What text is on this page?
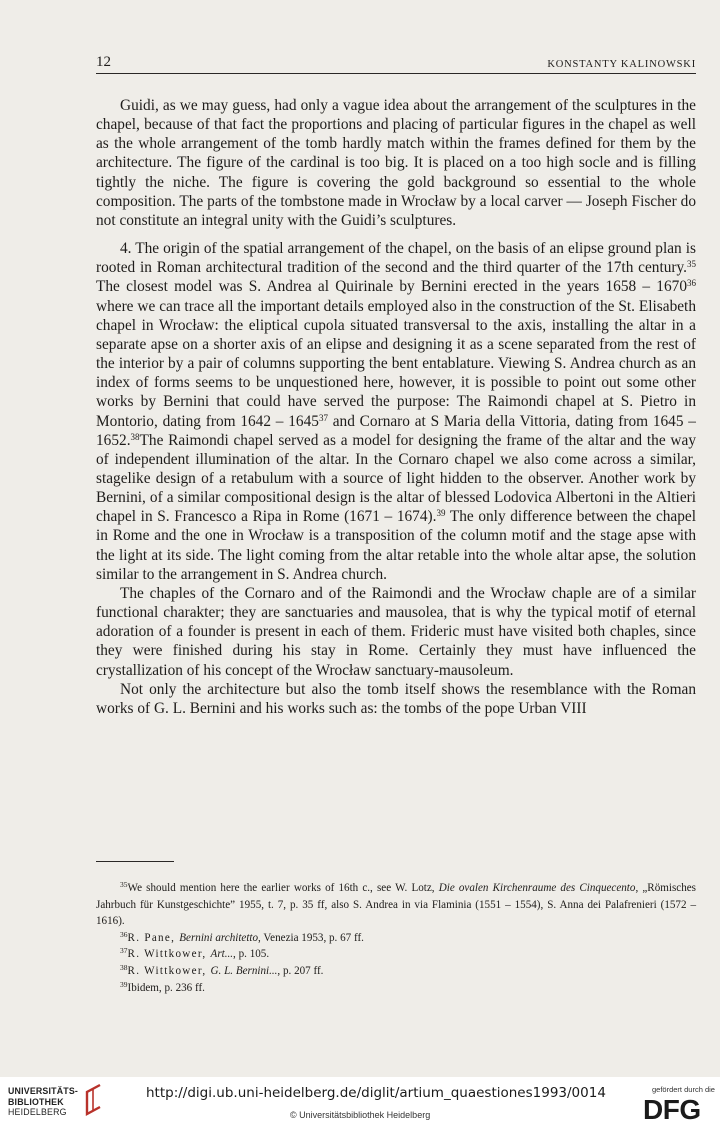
12	KONSTANTY KALINOWSKI

Guidi, as we may guess, had only a vague idea about the arrangement of the sculptures in the chapel, because of that fact the proportions and placing of particular figures in the chapel as well as the whole arrangement of the tomb hardly match within the frames defined for them by the architecture. The figure of the cardinal is too big. It is placed on a too high socle and is filling tightly the niche. The figure is covering the gold background so essential to the whole composition. The parts of the tombstone made in Wrocław by a local carver — Joseph Fischer do not constitute an integral unity with the Guidi’s sculptures.

4. The origin of the spatial arrangement of the chapel, on the basis of an elipse ground plan is rooted in Roman architectural tradition of the second and the third quarter of the 17th century.$^{35}$ The closest model was S. Andrea al Quirinale by Bernini erected in the years 1658 – 1670$^{36}$ where we can trace all the important details employed also in the construction of the St. Elisabeth chapel in Wrocław: the eliptical cupola situated transversal to the axis, installing the altar in a separate apse on a shorter axis of an elipse and designing it as a scene separated from the rest of the interior by a pair of columns supporting the bent entablature. Viewing S. Andrea church as an index of forms seems to be unquestioned here, however, it is possible to point out some other works by Bernini that could have served the purpose: The Raimondi chapel at S. Pietro in Montorio, dating from 1642 – 1645$^{37}$ and Cornaro at S Maria della Vittoria, dating from 1645 – 1652.38The Raimondi chapel served as a model for designing the frame of the altar and the way of independent illumination of the altar. In the Cornaro chapel we also come across a similar, stagelike design of a retabulum with a source of light hidden to the observer. Another work by Bernini, of a similar compositional design is the altar of blessed Lodovica Albertoni in the Altieri chapel in S. Francesco a Ripa in Rome (1671 – 1674).$^{39}$ The only difference between the chapel in Rome and the one in Wrocław is a transposition of the column motif and the stage apse with the light at its side. The light coming from the altar retable into the whole altar apse, the solution similar to the arrangement in S. Andrea church.

The chaples of the Cornaro and of the Raimondi and the Wrocław chaple are of a similar functional charakter; they are sanctuaries and mausolea, that is why the typical motif of eternal adoration of a founder is present in each of them. Frideric must have visited both chaples, since they were finished during his stay in Rome. Certainly they must have influenced the crystallization of his concept of the Wrocław sanctuary-mausoleum.

Not only the architecture but also the tomb itself shows the resemblance with the Roman works of G. L. Bernini and his works such as: the tombs of the pope Urban VIII

$^{35}$We should mention here the earlier works of 16th c., see W. Lotz, Die ovalen Kirchenraume des Cinquecento, „Römisches Jahrbuch für Kunstgeschichte” 1955, t. 7, p. 35 ff, also S. Andrea in via Flaminia (1551 – 1554), S. Anna dei Palafrenieri (1572 – 1616).

$^{36}$R. Pane, Bernini architetto, Venezia 1953, p. 67 ff.

$^{37}$R. Wittkower, Art..., p. 105.

$^{38}$R. Wittkower, G. L. Bernini..., p. 207 ff.

$^{39}$Ibidem, p. 236 ff.

UNIVERSITÄTS-
BIBLIOTHEK
HEIDELBERG
http://digi.ub.uni-heidelberg.de/diglit/artium_quaestiones1993/0014
© Universitätsbibliothek Heidelberg
gefördert durch die
DFG
